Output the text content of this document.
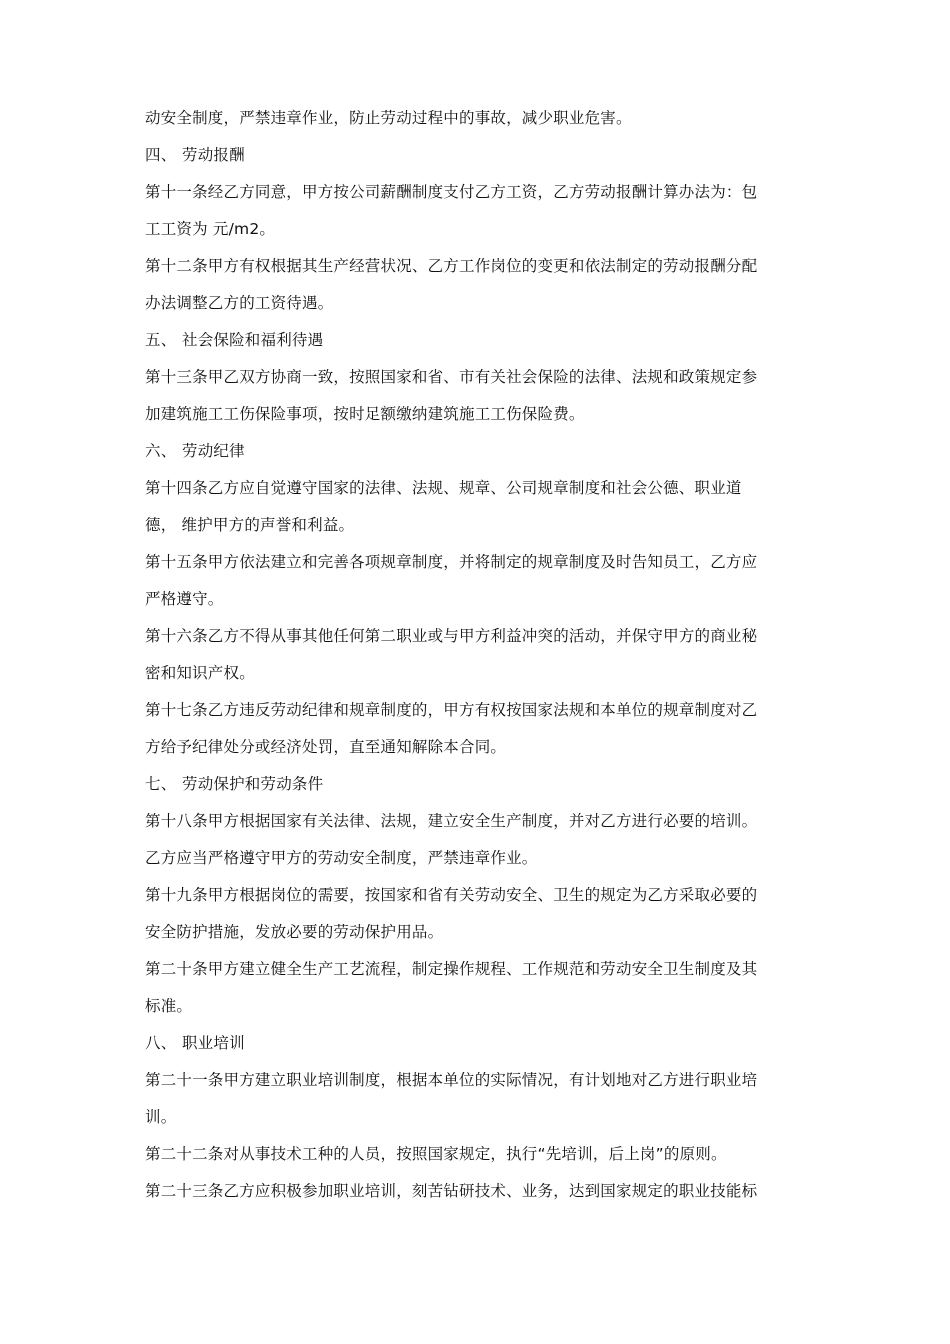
动安全制度，严禁违章作业，防止劳动过程中的事故，减少职业危害。
四、 劳动报酬
第十一条经乙方同意，甲方按公司薪酬制度支付乙方工资，乙方劳动报酬计算办法为：包
工工资为 元/m2。
第十二条甲方有权根据其生产经营状况、乙方工作岗位的变更和依法制定的劳动报酬分配
办法调整乙方的工资待遇。
五、 社会保险和福利待遇
第十三条甲乙双方协商一致，按照国家和省、市有关社会保险的法律、法规和政策规定参
加建筑施工工伤保险事项，按时足额缴纳建筑施工工伤保险费。
六、 劳动纪律
第十四条乙方应自觉遵守国家的法律、法规、规章、公司规章制度和社会公德、职业道
德， 维护甲方的声誉和利益。
第十五条甲方依法建立和完善各项规章制度，并将制定的规章制度及时告知员工，乙方应
严格遵守。
第十六条乙方不得从事其他任何第二职业或与甲方利益冲突的活动，并保守甲方的商业秘
密和知识产权。
第十七条乙方违反劳动纪律和规章制度的，甲方有权按国家法规和本单位的规章制度对乙
方给予纪律处分或经济处罚，直至通知解除本合同。
七、 劳动保护和劳动条件
第十八条甲方根据国家有关法律、法规，建立安全生产制度，并对乙方进行必要的培训。
乙方应当严格遵守甲方的劳动安全制度，严禁违章作业。
第十九条甲方根据岗位的需要，按国家和省有关劳动安全、卫生的规定为乙方采取必要的
安全防护措施，发放必要的劳动保护用品。
第二十条甲方建立健全生产工艺流程，制定操作规程、工作规范和劳动安全卫生制度及其
标准。
八、 职业培训
第二十一条甲方建立职业培训制度，根据本单位的实际情况，有计划地对乙方进行职业培
训。
第二十二条对从事技术工种的人员，按照国家规定，执行“先培训，后上岗”的原则。
第二十三条乙方应积极参加职业培训，刻苦钻研技术、业务，达到国家规定的职业技能标
